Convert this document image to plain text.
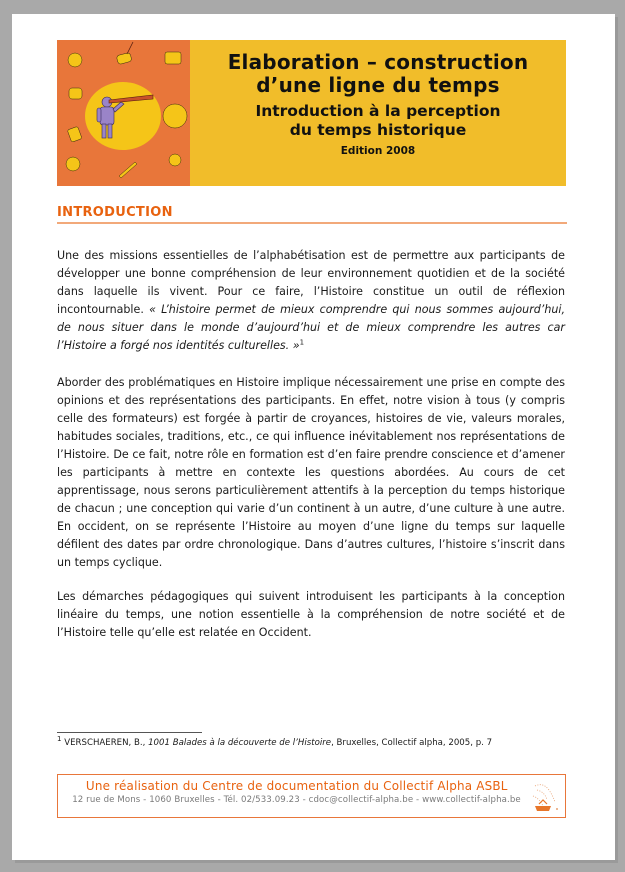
Elaboration – construction
d’une ligne du temps
Introduction à la perception
du temps historique
Edition 2008
INTRODUCTION
Une des missions essentielles de l’alphabétisation est de permettre aux participants de développer une bonne compréhension de leur environnement quotidien et de la société dans laquelle ils vivent. Pour ce faire, l’Histoire constitue un outil de réflexion incontournable. « L’histoire permet de mieux comprendre qui nous sommes aujourd’hui, de nous situer dans le monde d’aujourd’hui et de mieux comprendre les autres car l’Histoire a forgé nos identités culturelles. »$^1$
Aborder des problématiques en Histoire implique nécessairement une prise en compte des opinions et des représentations des participants. En effet, notre vision à tous (y compris celle des formateurs) est forgée à partir de croyances, histoires de vie, valeurs morales, habitudes sociales, traditions, etc., ce qui influence inévitablement nos représentations de l’Histoire. De ce fait, notre rôle en formation est d’en faire prendre conscience et d’amener les participants à mettre en contexte les questions abordées. Au cours de cet apprentissage, nous serons particulièrement attentifs à la perception du temps historique de chacun ; une conception qui varie d’un continent à un autre, d’une culture à une autre. En occident, on se représente l’Histoire au moyen d’une ligne du temps sur laquelle défilent des dates par ordre chronologique. Dans d’autres cultures, l’histoire s’inscrit dans un temps cyclique.
Les démarches pédagogiques qui suivent introduisent les participants à la conception linéaire du temps, une notion essentielle à la compréhension de notre société et de l’Histoire telle qu’elle est relatée en Occident.
$^1$ VERSCHAEREN, B., 1001 Balades à la découverte de l’Histoire, Bruxelles, Collectif alpha, 2005, p. 7
Une réalisation du Centre de documentation du Collectif Alpha ASBL
12 rue de Mons - 1060 Bruxelles - Tél. 02/533.09.23 - cdoc@collectif-alpha.be - www.collectif-alpha.be
